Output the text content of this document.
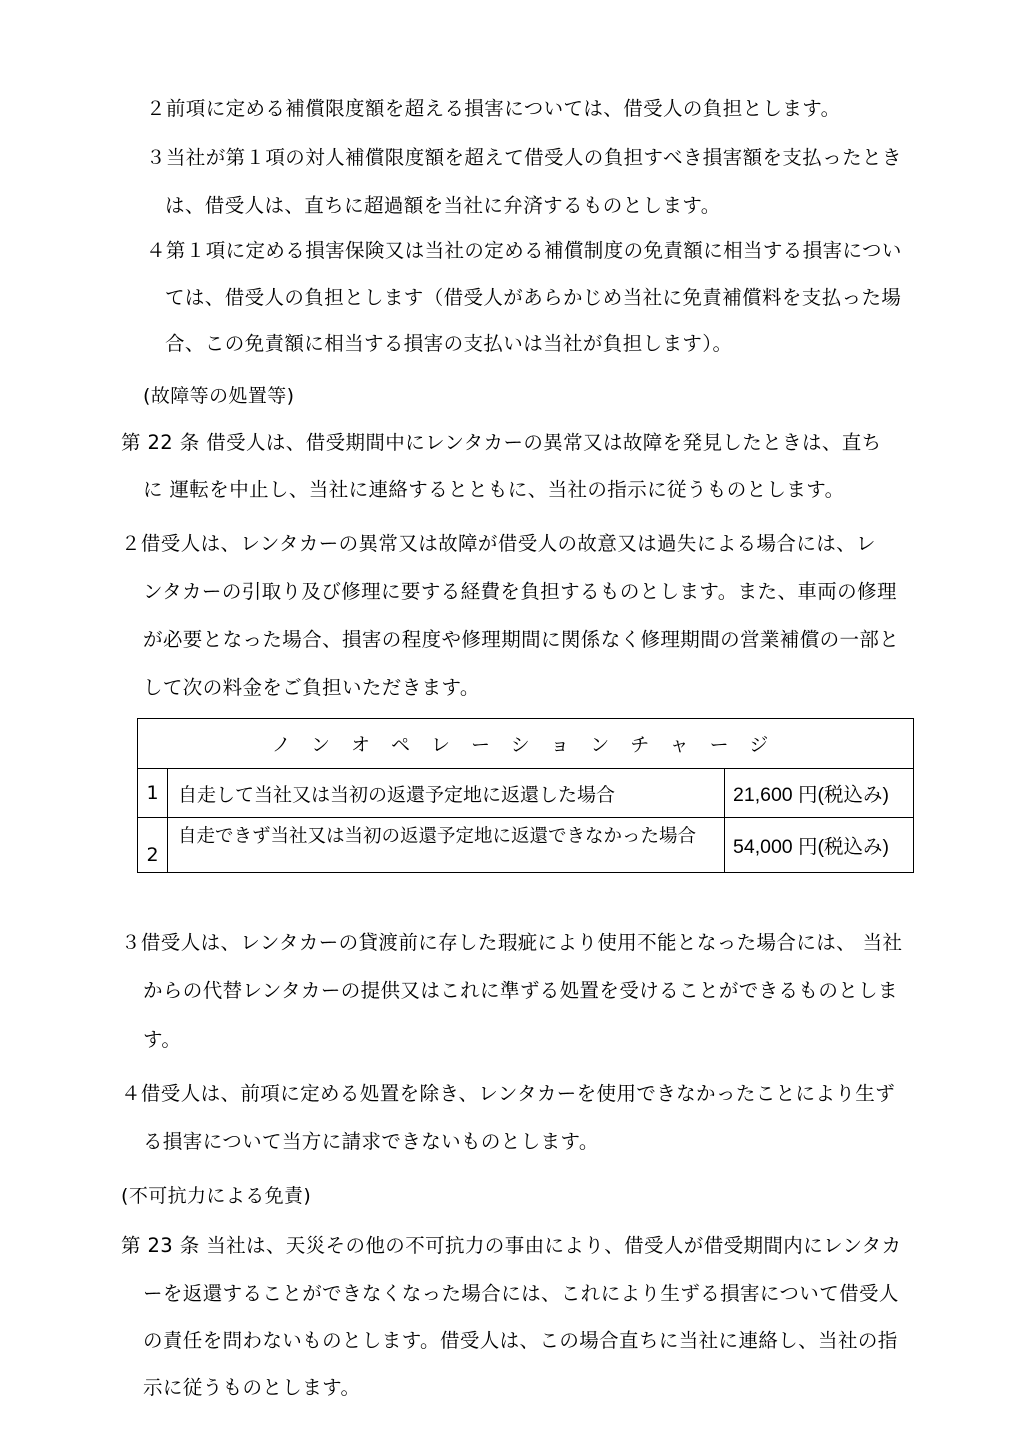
２前項に定める補償限度額を超える損害については、借受人の負担とします。
３当社が第１項の対人補償限度額を超えて借受人の負担すべき損害額を支払ったとき
は、借受人は、直ちに超過額を当社に弁済するものとします。
４第１項に定める損害保険又は当社の定める補償制度の免責額に相当する損害につい
ては、借受人の負担とします（借受人があらかじめ当社に免責補償料を支払った場
合、この免責額に相当する損害の支払いは当社が負担します）。
(故障等の処置等)
第 22 条 借受人は、借受期間中にレンタカーの異常又は故障を発見したときは、直ち
に 運転を中止し、当社に連絡するとともに、当社の指示に従うものとします。
２借受人は、レンタカーの異常又は故障が借受人の故意又は過失による場合には、レ
ンタカーの引取り及び修理に要する経費を負担するものとします。また、車両の修理
が必要となった場合、損害の程度や修理期間に関係なく修理期間の営業補償の一部と
して次の料金をご負担いただきます。
ノンオペレーションチャージ		
1	自走して当社又は当初の返還予定地に返還した場合	21,600 円(税込み)
2	自走できず当社又は当初の返還予定地に返還できなかった場合	54,000 円(税込み)
３借受人は、レンタカーの貸渡前に存した瑕疵により使用不能となった場合には、 当社
からの代替レンタカーの提供又はこれに準ずる処置を受けることができるものとしま
す。
４借受人は、前項に定める処置を除き、レンタカーを使用できなかったことにより生ず
る損害について当方に請求できないものとします。
(不可抗力による免責)
第 23 条 当社は、天災その他の不可抗力の事由により、借受人が借受期間内にレンタカ
ーを返還することができなくなった場合には、これにより生ずる損害について借受人
の責任を問わないものとします。借受人は、この場合直ちに当社に連絡し、当社の指
示に従うものとします。
